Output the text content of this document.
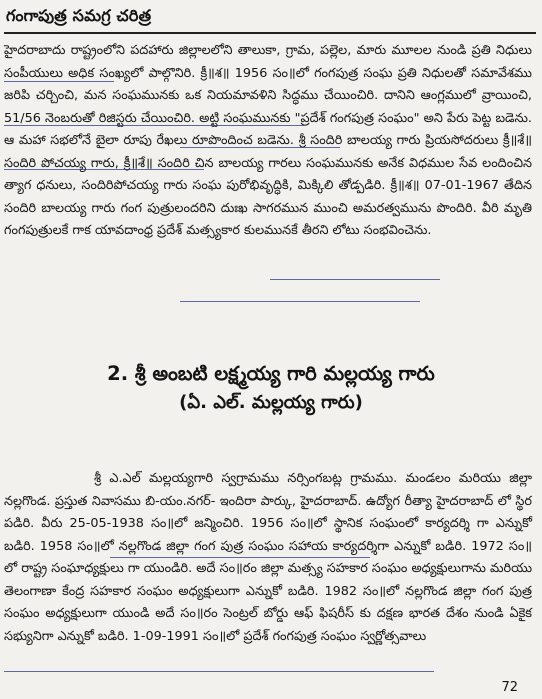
గంగాపుత్ర సమగ్ర చరిత్ర

హైదరాబాదు రాష్ట్రంలోని పదహారు జిల్లాలలోని తాలుకా, గ్రామ, పల్లెల, మారు మూలల నుండి ప్రతి నిధులు సంపీయులు అధిక సంఖ్యలో పాల్గొనిరి. క్రీ॥శ॥ 1956 సం॥లో గంగపుత్ర సంఘ ప్రతి నిధులతో సమావేశము జరిపి చర్చించి, మన సంఘమునకు ఒక నియమావళిని సిద్ధము చేయించిరి. దానిని ఆంగ్లములో వ్రాయించి, 51/56 నెంబరుతో రిజిస్టరు చేయించిరి. అట్టి సంఘమునకు "ప్రదేశ్ గంగపుత్ర సంఘం" అని పేరు పెట్ట బడెను. ఆ మహా సభలోనే బైలా రూపు రేఖలు రూపొందించ బడెను. శ్రీ సందిరి బాలయ్య గారు ప్రియసోదరులు క్రీ॥శే॥సందిరి పోచయ్య గారు, క్రీ॥శే॥ సందిరి చిన బాలయ్య గారలు సంఘమునకు అనేక విధముల సేవ లందించిన త్యాగ ధనులు, సందిరిపోచయ్య గారు సంఘ పురోభివృద్ధికి, మిక్కిలి తోడ్పడిరి. క్రీ॥శ॥ 07-01-1967 తేదిన సందిరి బాలయ్య గారు గంగ పుత్రులందరిని దుఃఖ సాగరమున ముంచి అమరత్వమును పొందిరి. వీరి మృతి గంగపుత్రులకే గాక యావదాంధ్ర ప్రదేశ్ మత్స్యకార కులమునకే తీరని లోటు సంభవించెను.

2. శ్రీ అంబటి లక్ష్మయ్య గారి మల్లయ్య గారు
(ఏ. ఎల్. మల్లయ్య గారు)

శ్రీ ఎ.ఎల్ మల్లయ్యగారి స్వగ్రామము నర్సింగబట్ల గ్రామము. మండలం మరియు జిల్లా నల్లగొండ. ప్రస్తుత నివాసము బి-యం.నగర్- ఇందిరా పార్కు, హైదరాబాద్. ఉద్యోగ రీత్యా హైదరాబాద్ లో స్థిర పడిరి. వీరు 25-05-1938 సం॥లో జన్మించిరి. 1956 సం॥లో స్థానిక సంఘంలో కార్యదర్శి గా ఎన్నుకో బడిరి. 1958 సం॥లో నల్లగొండ జిల్లా గంగ పుత్ర సంఘం సహాయ కార్యదర్శిగా ఎన్నుకో బడిరి. 1972 సం॥లో రాష్ట్ర సంఘాధ్యక్షులు గా యుండిరి. అదే సం॥రం జిల్లా మత్స్య సహకార సంఘం అధ్యక్షులుగాను మరియు తెలంగాణా కేంద్ర సహకార సంఘం అధ్యక్షులుగా ఎన్నుకో బడిరి. 1982 సం॥లో నల్లగొండ జిల్లా గంగ పుత్ర సంఘం అధ్యక్షులుగా యుండి అదే సం॥రం సెంట్రల్ బోర్డు ఆఫ్ ఫిషరీస్ కు దక్షణ భారత దేశం నుండి ఏకైక సభ్యునిగా ఎన్నుకో బడిరి. 1-09-1991 సం॥లో ప్రదేశ్ గంగపుత్ర సంఘం స్వర్ణోత్సవాలు

72
